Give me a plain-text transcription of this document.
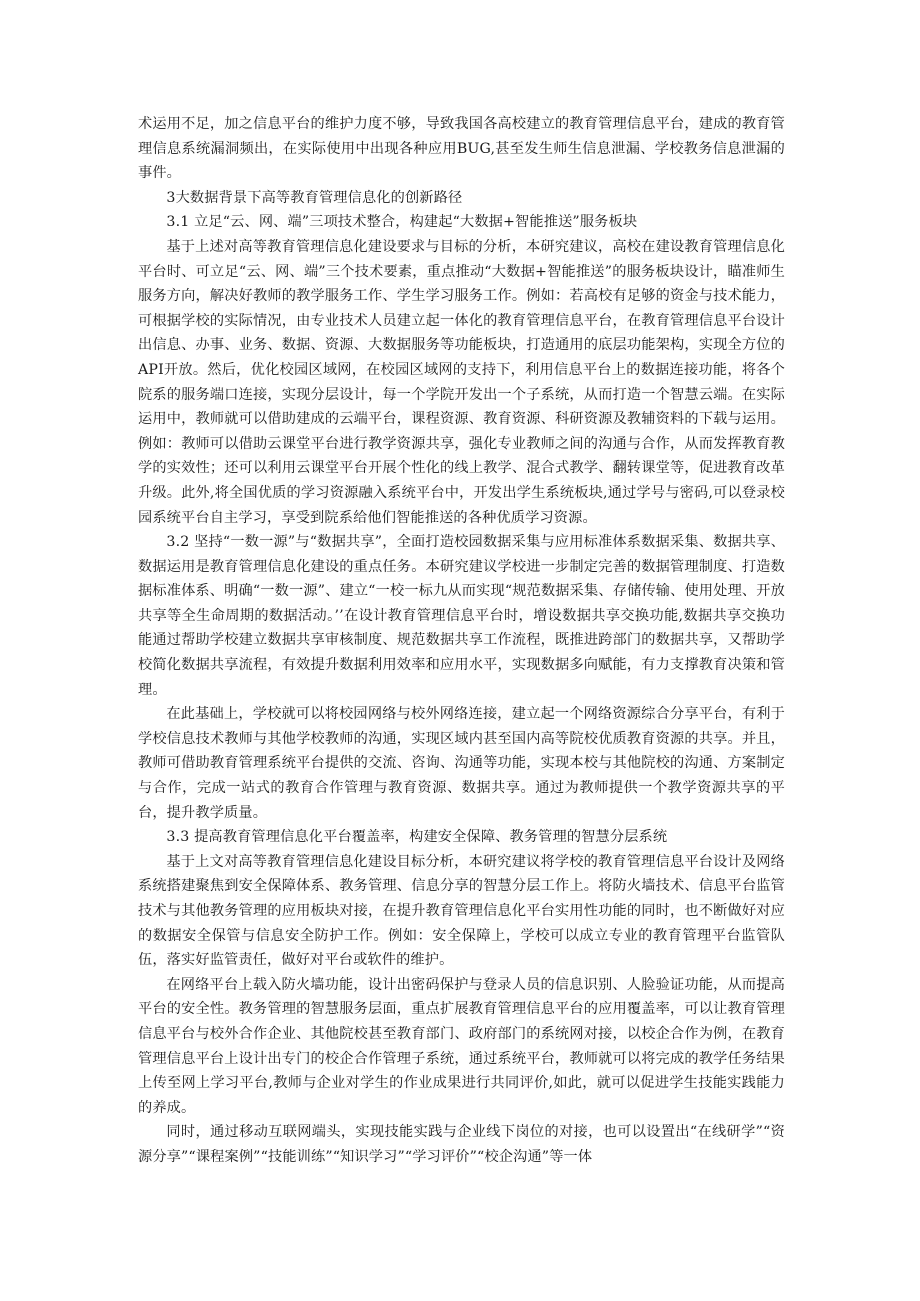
术运用不足，加之信息平台的维护力度不够，导致我国各高校建立的教育管理信息平台，建成的教育管理信息系统漏洞频出，在实际使用中出现各种应用BUG,甚至发生师生信息泄漏、学校教务信息泄漏的事件。

3大数据背景下高等教育管理信息化的创新路径

3.1 立足“云、网、端”三项技术整合，构建起“大数据+智能推送”服务板块

基于上述对高等教育管理信息化建设要求与目标的分析，本研究建议，高校在建设教育管理信息化平台时、可立足“云、网、端”三个技术要素，重点推动“大数据+智能推送”的服务板块设计，瞄准师生服务方向，解决好教师的教学服务工作、学生学习服务工作。例如：若高校有足够的资金与技术能力，可根据学校的实际情况，由专业技术人员建立起一体化的教育管理信息平台，在教育管理信息平台设计出信息、办事、业务、数据、资源、大数据服务等功能板块，打造通用的底层功能架构，实现全方位的API开放。然后，优化校园区域网，在校园区域网的支持下，利用信息平台上的数据连接功能，将各个院系的服务端口连接，实现分层设计，每一个学院开发出一个子系统，从而打造一个智慧云端。在实际运用中，教师就可以借助建成的云端平台，课程资源、教育资源、科研资源及教辅资料的下载与运用。例如：教师可以借助云课堂平台进行教学资源共享，强化专业教师之间的沟通与合作，从而发挥教育教学的实效性；还可以利用云课堂平台开展个性化的线上教学、混合式教学、翻转课堂等，促进教育改革升级。此外,将全国优质的学习资源融入系统平台中，开发出学生系统板块,通过学号与密码,可以登录校园系统平台自主学习，享受到院系给他们智能推送的各种优质学习资源。

3.2 坚持“一数一源”与“数据共享”，全面打造校园数据采集与应用标准体系数据采集、数据共享、数据运用是教育管理信息化建设的重点任务。本研究建议学校进一步制定完善的数据管理制度、打造数据标准体系、明确“一数一源”、建立“一校一标九从而实现“规范数据采集、存储传输、使用处理、开放共享等全生命周期的数据活动。’’在设计教育管理信息平台时，增设数据共享交换功能,数据共享交换功能通过帮助学校建立数据共享审核制度、规范数据共享工作流程，既推进跨部门的数据共享，又帮助学校简化数据共享流程，有效提升数据利用效率和应用水平，实现数据多向赋能，有力支撑教育决策和管理。

在此基础上，学校就可以将校园网络与校外网络连接，建立起一个网络资源综合分享平台，有利于学校信息技术教师与其他学校教师的沟通，实现区域内甚至国内高等院校优质教育资源的共享。并且，教师可借助教育管理系统平台提供的交流、咨询、沟通等功能，实现本校与其他院校的沟通、方案制定与合作，完成一站式的教育合作管理与教育资源、数据共享。通过为教师提供一个教学资源共享的平台，提升教学质量。

3.3 提高教育管理信息化平台覆盖率，构建安全保障、教务管理的智慧分层系统

基于上文对高等教育管理信息化建设目标分析，本研究建议将学校的教育管理信息平台设计及网络系统搭建聚焦到安全保障体系、教务管理、信息分享的智慧分层工作上。将防火墙技术、信息平台监管技术与其他教务管理的应用板块对接，在提升教育管理信息化平台实用性功能的同时，也不断做好对应的数据安全保管与信息安全防护工作。例如：安全保障上，学校可以成立专业的教育管理平台监管队伍，落实好监管责任，做好对平台或软件的维护。

在网络平台上载入防火墙功能，设计出密码保护与登录人员的信息识别、人脸验证功能，从而提高平台的安全性。教务管理的智慧服务层面，重点扩展教育管理信息平台的应用覆盖率，可以让教育管理信息平台与校外合作企业、其他院校甚至教育部门、政府部门的系统网对接，以校企合作为例，在教育管理信息平台上设计出专门的校企合作管理子系统，通过系统平台，教师就可以将完成的教学任务结果上传至网上学习平台,教师与企业对学生的作业成果进行共同评价,如此，就可以促进学生技能实践能力的养成。

同时，通过移动互联网端头，实现技能实践与企业线下岗位的对接，也可以设置出“在线研学”“资源分享”“课程案例”“技能训练”“知识学习”“学习评价”“校企沟通”等一体
